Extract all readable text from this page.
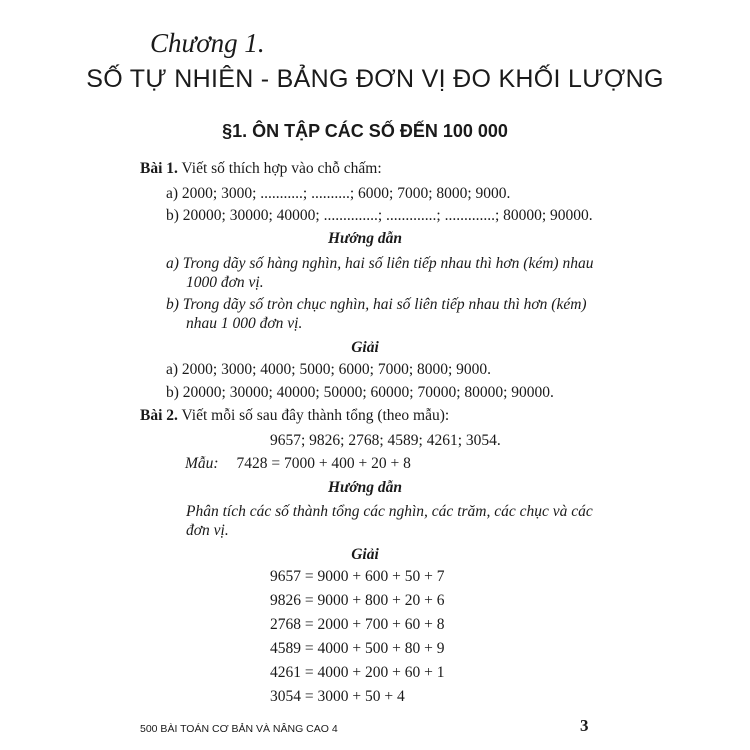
Chương 1.
SỐ TỰ NHIÊN - BẢNG ĐƠN VỊ ĐO KHỐI LƯỢNG
§1. ÔN TẬP CÁC SỐ ĐẾN 100 000
Bài 1. Viết số thích hợp vào chỗ chấm:
a) 2000; 3000; ...........; ..........; 6000; 7000; 8000; 9000.
b) 20000; 30000; 40000; ..............; .............; .............; 80000; 90000.
Hướng dẫn
a) Trong dãy số hàng nghìn, hai số liên tiếp nhau thì hơn (kém) nhau
1000 đơn vị.
b) Trong dãy số tròn chục nghìn, hai số liên tiếp nhau thì hơn (kém)
nhau 1 000 đơn vị.
Giải
a) 2000; 3000; 4000; 5000; 6000; 7000; 8000; 9000.
b) 20000; 30000; 40000; 50000; 60000; 70000; 80000; 90000.
Bài 2. Viết mỗi số sau đây thành tổng (theo mẫu):
9657; 9826; 2768; 4589; 4261; 3054.
Mẫu: 7428 = 7000 + 400 + 20 + 8
Hướng dẫn
Phân tích các số thành tổng các nghìn, các trăm, các chục và các
đơn vị.
Giải
9657 = 9000 + 600 + 50 + 7
9826 = 9000 + 800 + 20 + 6
2768 = 2000 + 700 + 60 + 8
4589 = 4000 + 500 + 80 + 9
4261 = 4000 + 200 + 60 + 1
3054 = 3000 + 50 + 4
500 BÀI TOÁN CƠ BẢN VÀ NÂNG CAO 4	3
